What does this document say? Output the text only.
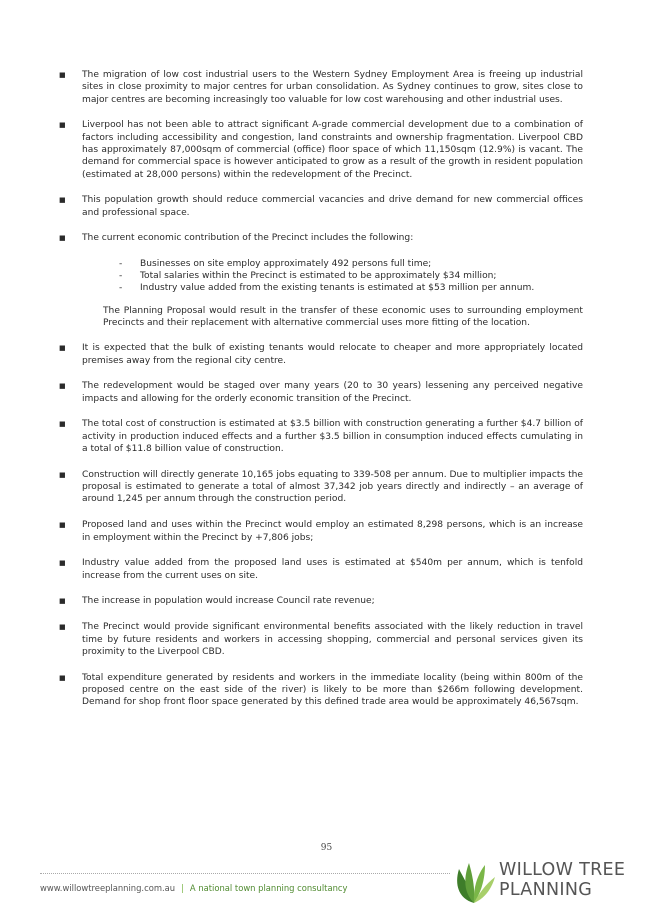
■	The migration of low cost industrial users to the Western Sydney Employment Area is freeing up industrial sites in close proximity to major centres for urban consolidation. As Sydney continues to grow, sites close to major centres are becoming increasingly too valuable for low cost warehousing and other industrial uses.
■	Liverpool has not been able to attract significant A-grade commercial development due to a combination of factors including accessibility and congestion, land constraints and ownership fragmentation. Liverpool CBD has approximately 87,000sqm of commercial (office) floor space of which 11,150sqm (12.9%) is vacant. The demand for commercial space is however anticipated to grow as a result of the growth in resident population (estimated at 28,000 persons) within the redevelopment of the Precinct.
■	This population growth should reduce commercial vacancies and drive demand for new commercial offices and professional space.
■	The current economic contribution of the Precinct includes the following:
-	Businesses on site employ approximately 492 persons full time;
-	Total salaries within the Precinct is estimated to be approximately $34 million;
-	Industry value added from the existing tenants is estimated at $53 million per annum.

The Planning Proposal would result in the transfer of these economic uses to surrounding employment Precincts and their replacement with alternative commercial uses more fitting of the location.

■	It is expected that the bulk of existing tenants would relocate to cheaper and more appropriately located premises away from the regional city centre.
■	The redevelopment would be staged over many years (20 to 30 years) lessening any perceived negative impacts and allowing for the orderly economic transition of the Precinct.
■	The total cost of construction is estimated at $3.5 billion with construction generating a further $4.7 billion of activity in production induced effects and a further $3.5 billion in consumption induced effects cumulating in a total of $11.8 billion value of construction.
■	Construction will directly generate 10,165 jobs equating to 339-508 per annum. Due to multiplier impacts the proposal is estimated to generate a total of almost 37,342 job years directly and indirectly – an average of around 1,245 per annum through the construction period.
■	Proposed land and uses within the Precinct would employ an estimated 8,298 persons, which is an increase in employment within the Precinct by +7,806 jobs;
■	Industry value added from the proposed land uses is estimated at $540m per annum, which is tenfold increase from the current uses on site.
■	The increase in population would increase Council rate revenue;
■	The Precinct would provide significant environmental benefits associated with the likely reduction in travel time by future residents and workers in accessing shopping, commercial and personal services given its proximity to the Liverpool CBD.
■	Total expenditure generated by residents and workers in the immediate locality (being within 800m of the proposed centre on the east side of the river) is likely to be more than $266m following development. Demand for shop front floor space generated by this defined trade area would be approximately 46,567sqm.
95
www.willowtreeplanning.com.au | A national town planning consultancy
WILLOW TREE
PLANNING
